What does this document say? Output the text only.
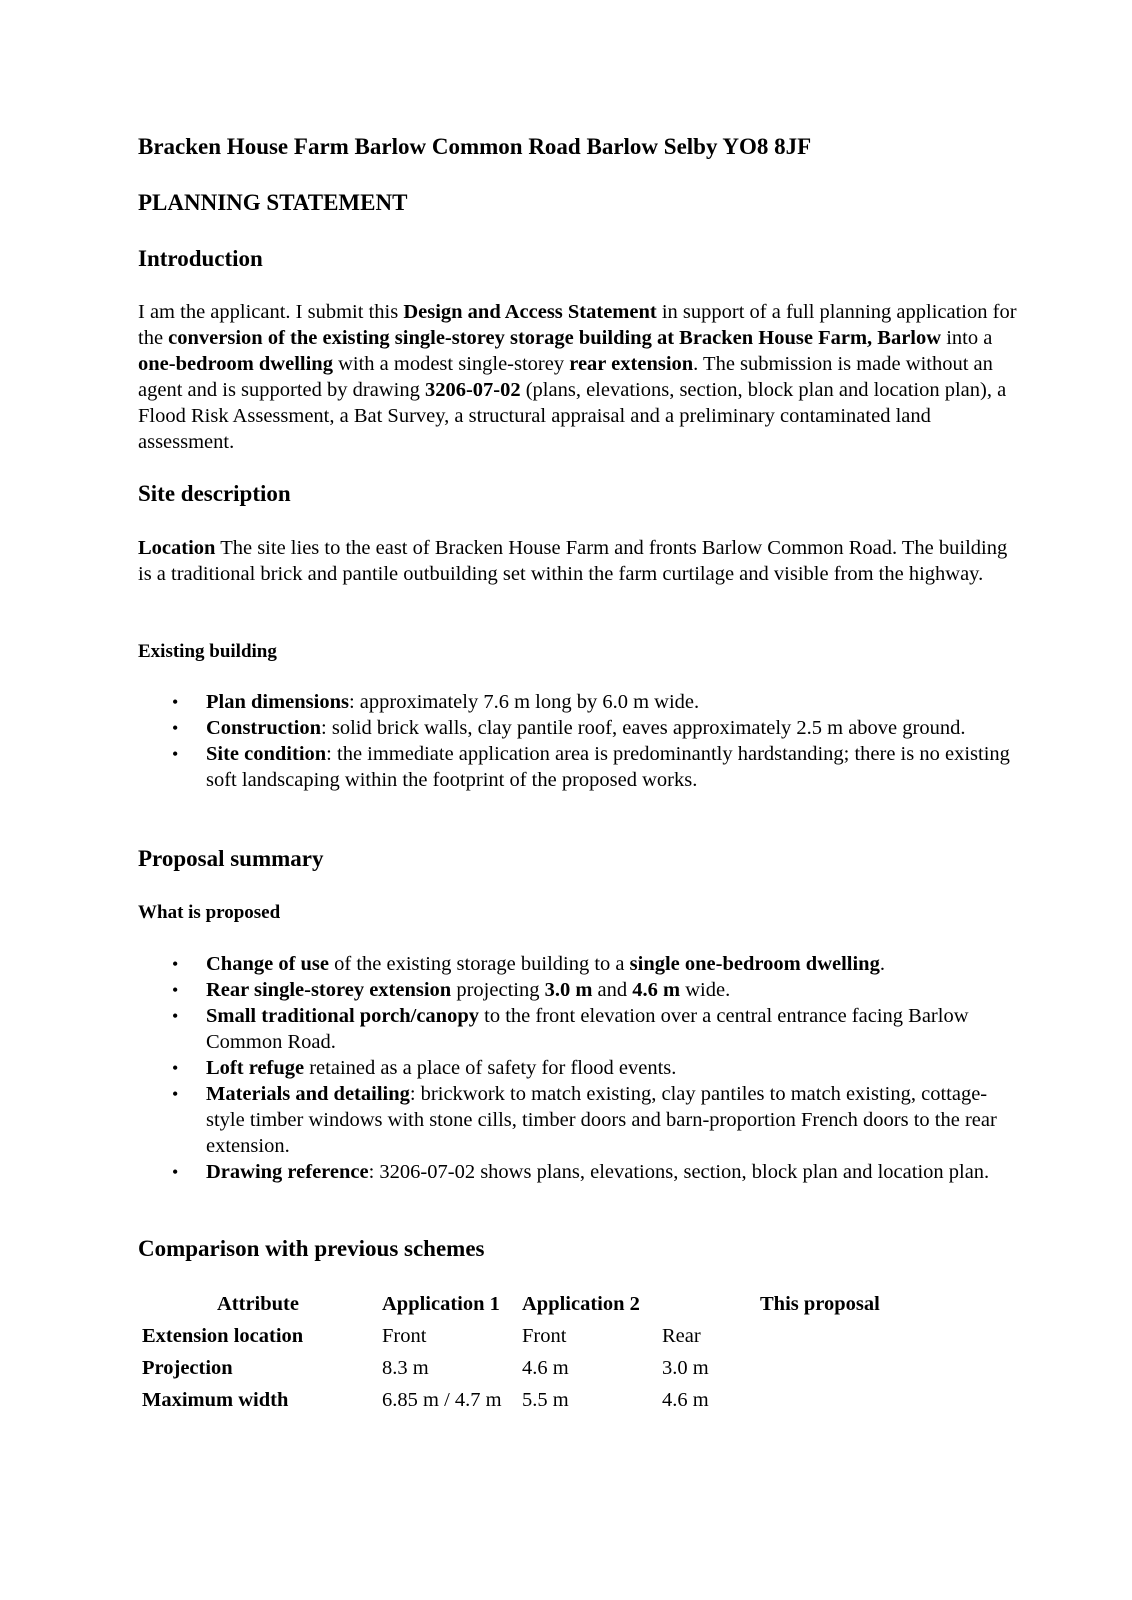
Bracken House Farm Barlow Common Road Barlow Selby YO8 8JF
PLANNING STATEMENT
Introduction

I am the applicant. I submit this Design and Access Statement in support of a full planning application for the conversion of the existing single-storey storage building at Bracken House Farm, Barlow into a one-bedroom dwelling with a modest single-storey rear extension. The submission is made without an agent and is supported by drawing 3206-07-02 (plans, elevations, section, block plan and location plan), a Flood Risk Assessment, a Bat Survey, a structural appraisal and a preliminary contaminated land assessment.

Site description

Location The site lies to the east of Bracken House Farm and fronts Barlow Common Road. The building is a traditional brick and pantile outbuilding set within the farm curtilage and visible from the highway.

Existing building
• Plan dimensions: approximately 7.6 m long by 6.0 m wide.
• Construction: solid brick walls, clay pantile roof, eaves approximately 2.5 m above ground.
• Site condition: the immediate application area is predominantly hardstanding; there is no existing soft landscaping within the footprint of the proposed works.
Proposal summary
What is proposed
• Change of use of the existing storage building to a single one-bedroom dwelling.
• Rear single-storey extension projecting 3.0 m and 4.6 m wide.
• Small traditional porch/canopy to the front elevation over a central entrance facing Barlow Common Road.
• Loft refuge retained as a place of safety for flood events.
• Materials and detailing: brickwork to match existing, clay pantiles to match existing, cottage-style timber windows with stone cills, timber doors and barn-proportion French doors to the rear extension.
• Drawing reference: 3206-07-02 shows plans, elevations, section, block plan and location plan.
Comparison with previous schemes
Attribute	Application 1	Application 2		This proposal
Extension location	Front	Front	Rear	
Projection	8.3 m	4.6 m	3.0 m	
Maximum width	6.85 m / 4.7 m	5.5 m	4.6 m	
